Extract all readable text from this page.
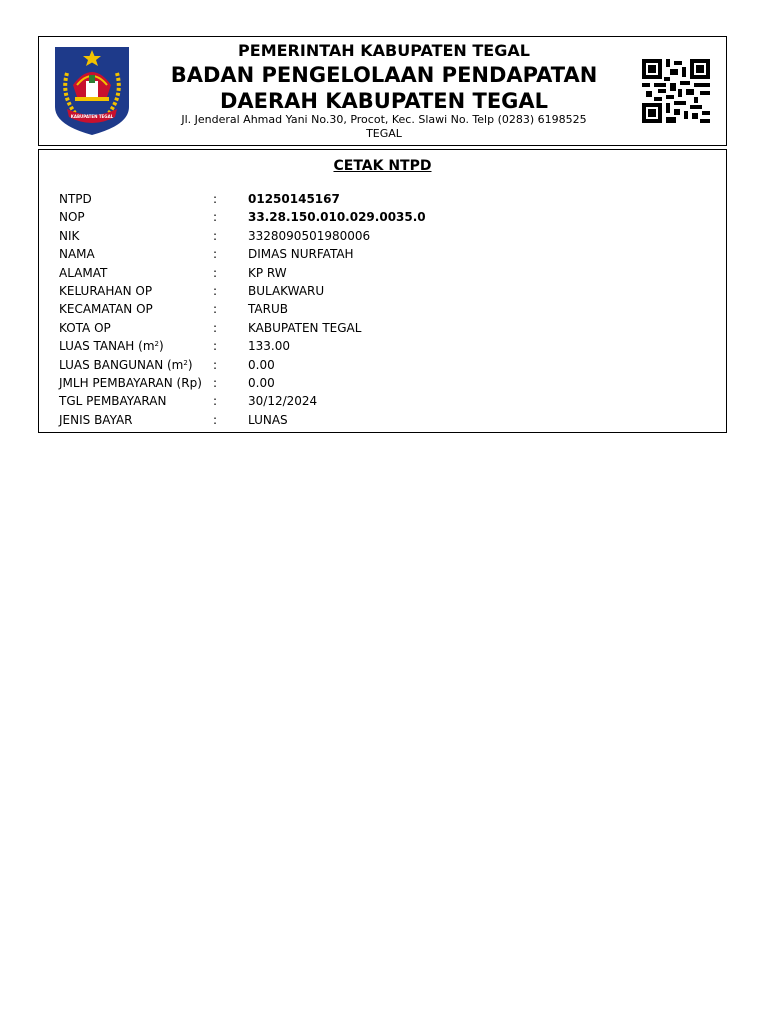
KABUPATEN TEGAL
PEMERINTAH KABUPATEN TEGAL
BADAN PENGELOLAAN PENDAPATAN
DAERAH KABUPATEN TEGAL
Jl. Jenderal Ahmad Yani No.30, Procot, Kec. Slawi No. Telp (0283) 6198525
TEGAL
CETAK NTPD
NTPD	:	01250145167
NOP	:	33.28.150.010.029.0035.0
NIK	:	3328090501980006
NAMA	:	DIMAS NURFATAH
ALAMAT	:	KP RW
KELURAHAN OP	:	BULAKWARU
KECAMATAN OP	:	TARUB
KOTA OP	:	KABUPATEN TEGAL
LUAS TANAH $(m^2)$	:	133.00
LUAS BANGUNAN $(m^2)$ :	0.00
JMLH PEMBAYARAN (Rp) :	0.00
TGL PEMBAYARAN	:	30/12/2024
JENIS BAYAR	:	LUNAS
